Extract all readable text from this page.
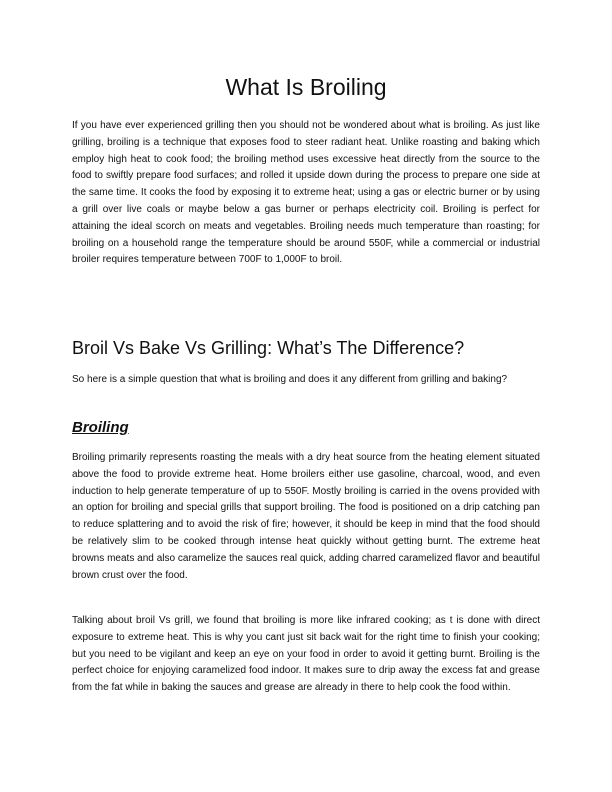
What Is Broiling

If you have ever experienced grilling then you should not be wondered about what is broiling. As just like grilling, broiling is a technique that exposes food to steer radiant heat. Unlike roasting and baking which employ high heat to cook food; the broiling method uses excessive heat directly from the source to the food to swiftly prepare food surfaces; and rolled it upside down during the process to prepare one side at the same time. It cooks the food by exposing it to extreme heat; using a gas or electric burner or by using a grill over live coals or maybe below a gas burner or perhaps electricity coil. Broiling is perfect for attaining the ideal scorch on meats and vegetables. Broiling needs much temperature than roasting; for broiling on a household range the temperature should be around 550F, while a commercial or industrial broiler requires temperature between 700F to 1,000F to broil.

Broil Vs Bake Vs Grilling: What’s The Difference?

So here is a simple question that what is broiling and does it any different from grilling and baking?

Broiling

Broiling primarily represents roasting the meals with a dry heat source from the heating element situated above the food to provide extreme heat. Home broilers either use gasoline, charcoal, wood, and even induction to help generate temperature of up to 550F. Mostly broiling is carried in the ovens provided with an option for broiling and special grills that support broiling. The food is positioned on a drip catching pan to reduce splattering and to avoid the risk of fire; however, it should be keep in mind that the food should be relatively slim to be cooked through intense heat quickly without getting burnt. The extreme heat browns meats and also caramelize the sauces real quick, adding charred caramelized flavor and beautiful brown crust over the food.

Talking about broil Vs grill, we found that broiling is more like infrared cooking; as t is done with direct exposure to extreme heat. This is why you cant just sit back wait for the right time to finish your cooking; but you need to be vigilant and keep an eye on your food in order to avoid it getting burnt. Broiling is the perfect choice for enjoying caramelized food indoor. It makes sure to drip away the excess fat and grease from the fat while in baking the sauces and grease are already in there to help cook the food within.
